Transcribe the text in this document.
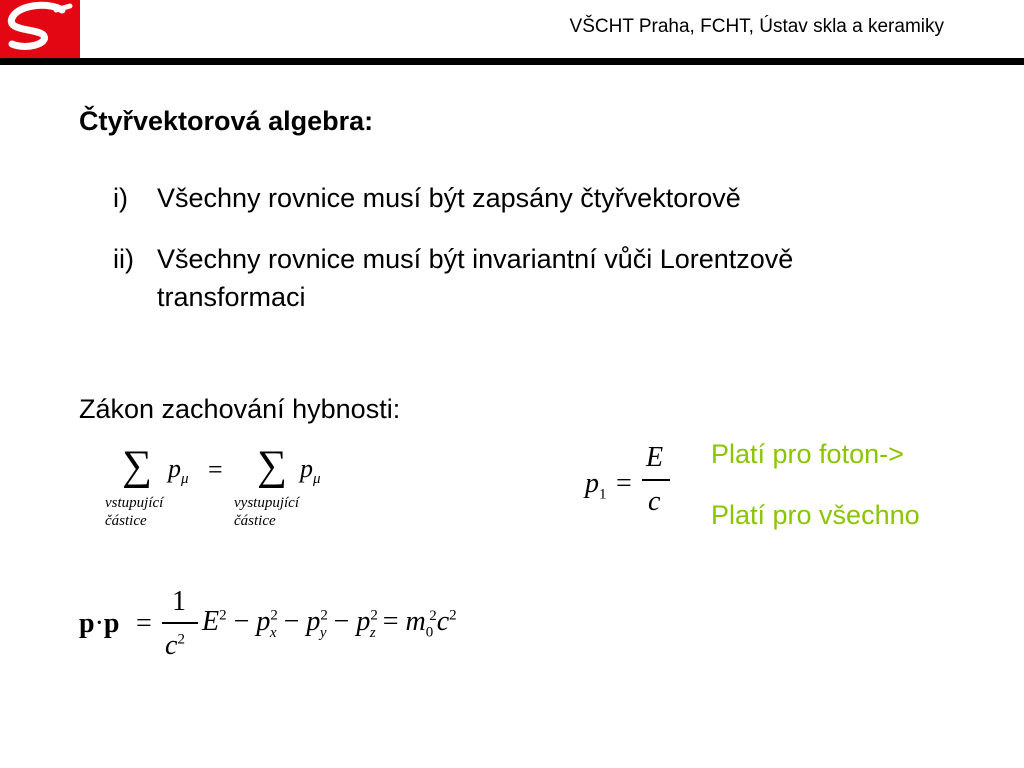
VŠCHT Praha, FCHT, Ústav skla a keramiky
Čtyřvektorová algebra:
i) Všechny rovnice musí být zapsány čtyřvektorově
ii) Všechny rovnice musí být invariantní vůči Lorentzově transformaci
Zákon zachování hybnosti:
∑ $p_\mu$ = ∑ $p_\mu$
vstupující
částice
vystupující
částice
$p_1$ =
E
c
Platí pro foton->
Platí pro všechno
p·p =
1
$c^2$
$E^2 - p^2_x - p^2_y - p^2_z = m_0^2c^2$
